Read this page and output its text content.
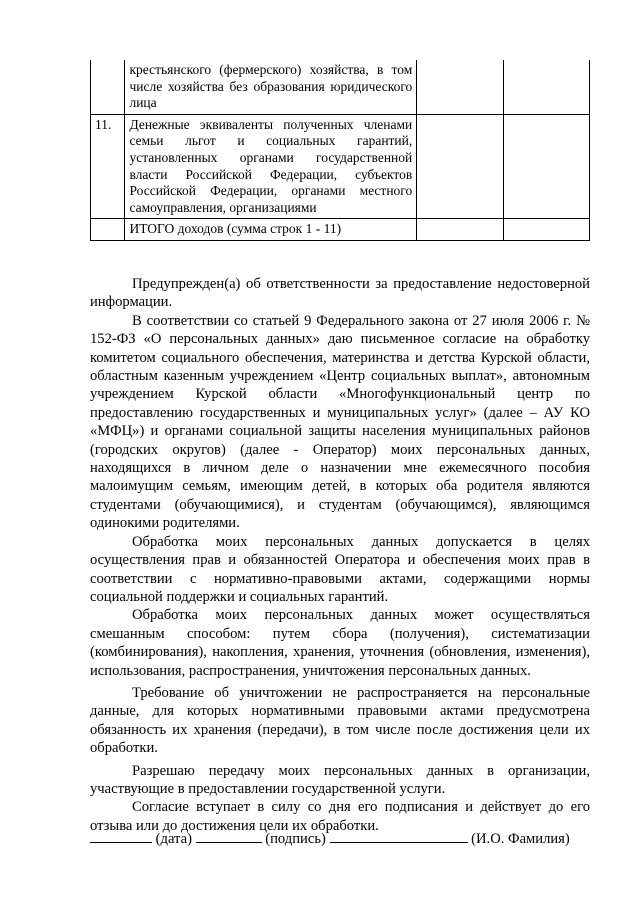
	крестьянского (фермерского) хозяйства, в том числе хозяйства без образования юридического лица		
11.	Денежные эквиваленты полученных членами семьи льгот и социальных гарантий, установленных органами государственной власти Российской Федерации, субъектов Российской Федерации, органами местного самоуправления, организациями		
	ИТОГО доходов (сумма строк 1 - 11)		

Предупрежден(а) об ответственности за предоставление недостоверной информации.

В соответствии со статьей 9 Федерального закона от 27 июля 2006 г. № 152-ФЗ «О персональных данных» даю письменное согласие на обработку комитетом социального обеспечения, материнства и детства Курской области, областным казенным учреждением «Центр социальных выплат», автономным учреждением Курской области «Многофункциональный центр по предоставлению государственных и муниципальных услуг» (далее – АУ КО «МФЦ») и органами социальной защиты населения муниципальных районов (городских округов) (далее - Оператор) моих персональных данных, находящихся в личном деле о назначении мне ежемесячного пособия малоимущим семьям, имеющим детей, в которых оба родителя являются студентами (обучающимися), и студентам (обучающимся), являющимся одинокими родителями.

Обработка моих персональных данных допускается в целях осуществления прав и обязанностей Оператора и обеспечения моих прав в соответствии с нормативно-правовыми актами, содержащими нормы социальной поддержки и социальных гарантий.

Обработка моих персональных данных может осуществляться смешанным способом: путем сбора (получения), систематизации (комбинирования), накопления, хранения, уточнения (обновления, изменения), использования, распространения, уничтожения персональных данных.

Требование об уничтожении не распространяется на персональные данные, для которых нормативными правовыми актами предусмотрена обязанность их хранения (передачи), в том числе после достижения цели их обработки.

Разрешаю передачу моих персональных данных в организации, участвующие в предоставлении государственной услуги.

Согласие вступает в силу со дня его подписания и действует до его отзыва или до достижения цели их обработки.

(дата)	(подпись)	(И.О. Фамилия)
